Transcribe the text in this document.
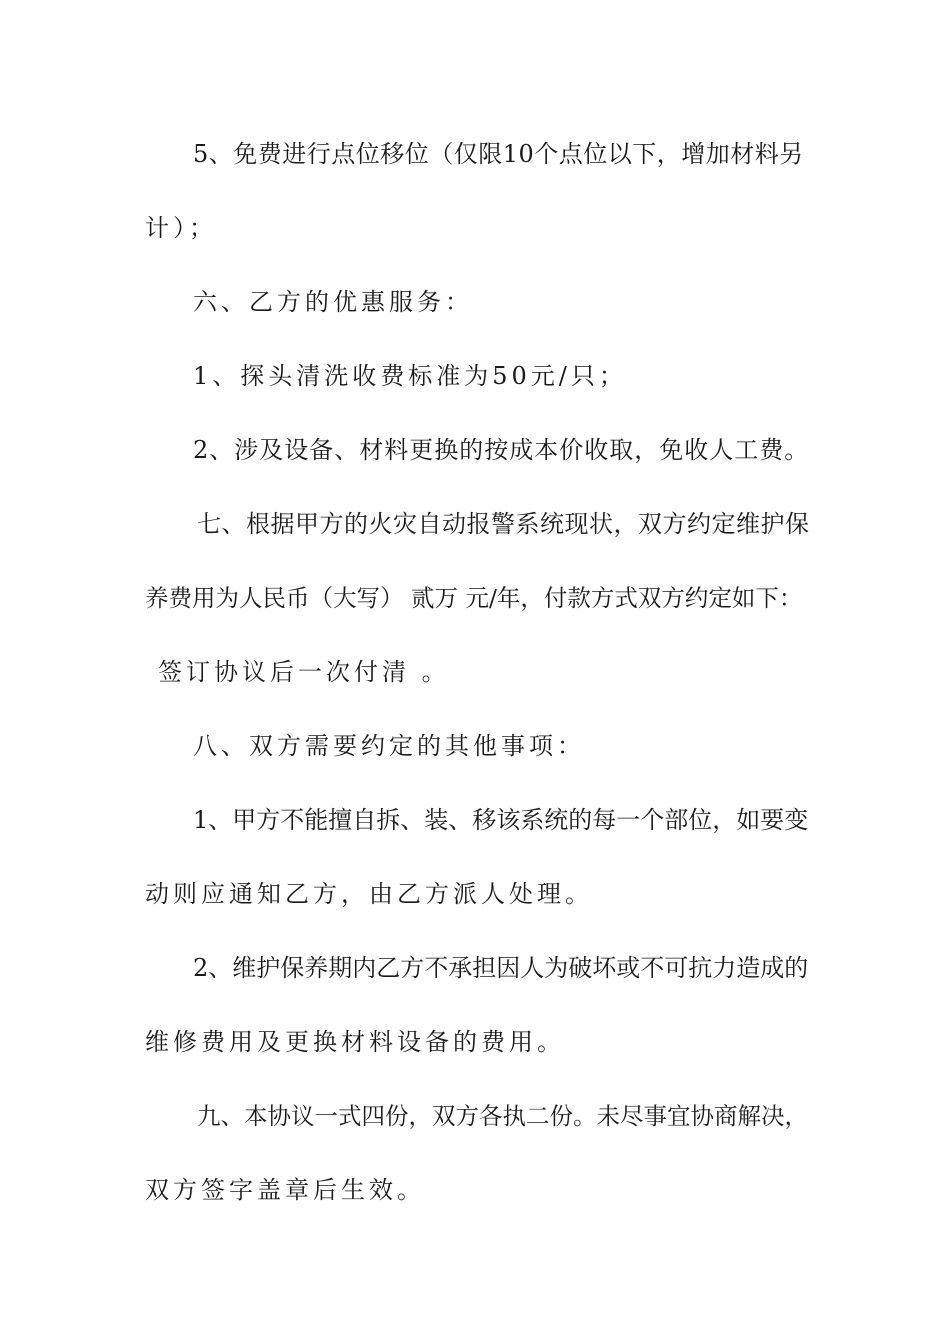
5、免费进行点位移位（仅限10个点位以下，增加材料另
计）；
六、乙方的优惠服务：
1、探头清洗收费标准为50元/只；
2、涉及设备、材料更换的按成本价收取，免收人工费。
七、根据甲方的火灾自动报警系统现状，双方约定维护保
养费用为人民币（大写） 贰万 元/年，付款方式双方约定如下：
签订协议后一次付清 。
八、双方需要约定的其他事项：
1、甲方不能擅自拆、装、移该系统的每一个部位，如要变
动则应通知乙方，由乙方派人处理。
2、维护保养期内乙方不承担因人为破坏或不可抗力造成的
维修费用及更换材料设备的费用。
九、本协议一式四份，双方各执二份。未尽事宜协商解决，
双方签字盖章后生效。
